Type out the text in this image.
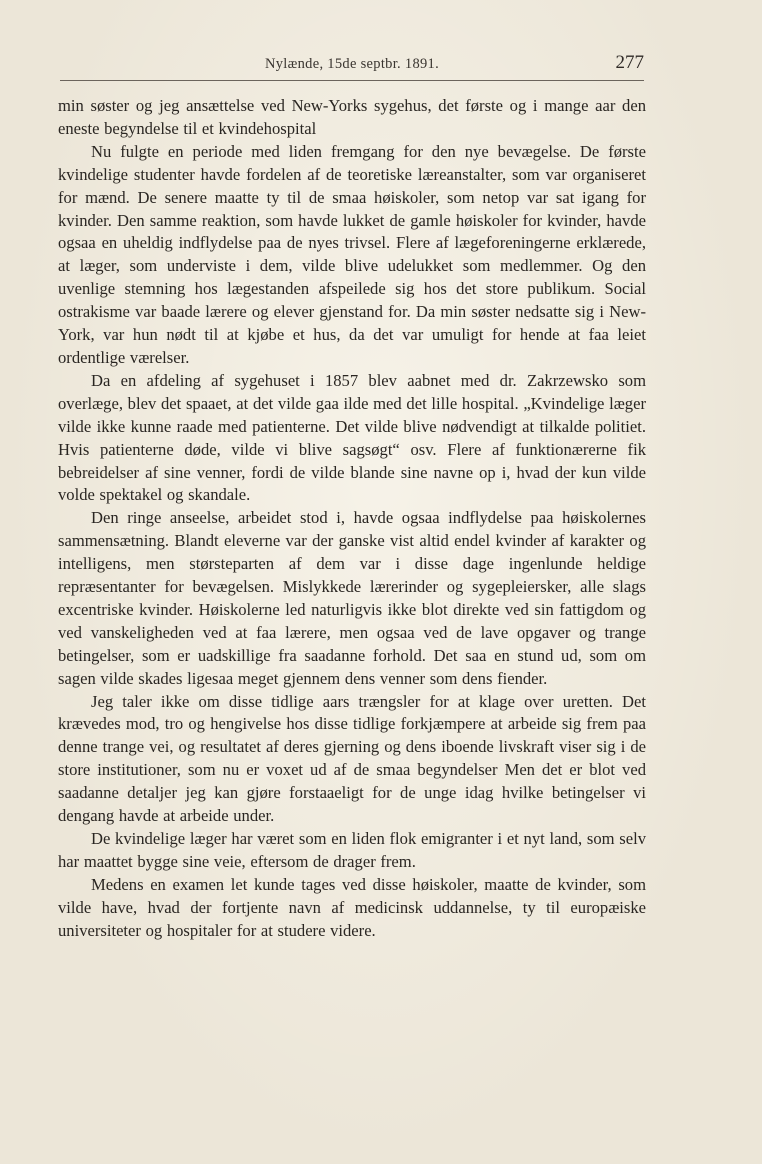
Nylænde, 15de septbr. 1891.	277

min søster og jeg ansættelse ved New-Yorks sygehus, det første og i mange aar den eneste begyndelse til et kvindehospital

Nu fulgte en periode med liden fremgang for den nye bevægelse. De første kvindelige studenter havde fordelen af de teoretiske læreanstalter, som var organiseret for mænd. De senere maatte ty til de smaa høiskoler, som netop var sat igang for kvinder. Den samme reaktion, som havde lukket de gamle høiskoler for kvinder, havde ogsaa en uheldig indflydelse paa de nyes trivsel. Flere af lægeforeningerne erklærede, at læger, som underviste i dem, vilde blive udelukket som medlemmer. Og den uvenlige stemning hos lægestanden afspeilede sig hos det store publikum. Social ostrakisme var baade lærere og elever gjenstand for. Da min søster nedsatte sig i New-York, var hun nødt til at kjøbe et hus, da det var umuligt for hende at faa leiet ordentlige værelser.

Da en afdeling af sygehuset i 1857 blev aabnet med dr. Zakrzewsko som overlæge, blev det spaaet, at det vilde gaa ilde med det lille hospital. „Kvindelige læger vilde ikke kunne raade med patienterne. Det vilde blive nødvendigt at tilkalde politiet. Hvis patienterne døde, vilde vi blive sagsøgt“ osv. Flere af funktionærerne fik bebreidelser af sine venner, fordi de vilde blande sine navne op i, hvad der kun vilde volde spektakel og skandale.

Den ringe anseelse, arbeidet stod i, havde ogsaa indflydelse paa høiskolernes sammensætning. Blandt eleverne var der ganske vist altid endel kvinder af karakter og intelligens, men størsteparten af dem var i disse dage ingenlunde heldige repræsentanter for bevægelsen. Mislykkede lærerinder og sygepleiersker, alle slags excentriske kvinder. Høiskolerne led naturligvis ikke blot direkte ved sin fattigdom og ved vanskeligheden ved at faa lærere, men ogsaa ved de lave opgaver og trange betingelser, som er uadskillige fra saadanne forhold. Det saa en stund ud, som om sagen vilde skades ligesaa meget gjennem dens venner som dens fiender.

Jeg taler ikke om disse tidlige aars trængsler for at klage over uretten. Det krævedes mod, tro og hengivelse hos disse tidlige forkjæmpere at arbeide sig frem paa denne trange vei, og resultatet af deres gjerning og dens iboende livskraft viser sig i de store institutioner, som nu er voxet ud af de smaa begyndelser Men det er blot ved saadanne detaljer jeg kan gjøre forstaaeligt for de unge idag hvilke betingelser vi dengang havde at arbeide under.

De kvindelige læger har været som en liden flok emigranter i et nyt land, som selv har maattet bygge sine veie, eftersom de drager frem.

Medens en examen let kunde tages ved disse høiskoler, maatte de kvinder, som vilde have, hvad der fortjente navn af medicinsk uddannelse, ty til europæiske universiteter og hospitaler for at studere videre.
